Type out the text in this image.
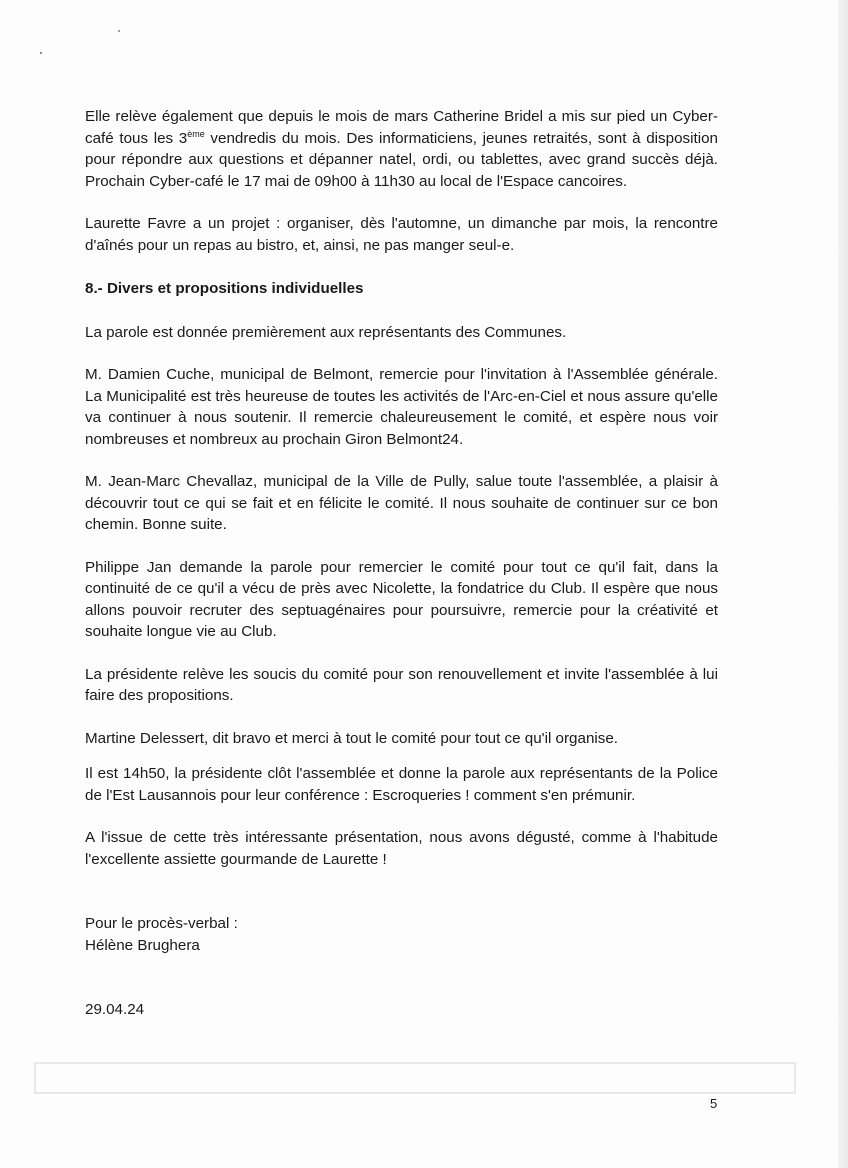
Elle relève également que depuis le mois de mars Catherine Bridel a mis sur pied un Cyber-café tous les 3ème vendredis du mois. Des informaticiens, jeunes retraités, sont à disposition pour répondre aux questions et dépanner natel, ordi, ou tablettes, avec grand succès déjà. Prochain Cyber-café le 17 mai de 09h00 à 11h30 au local de l'Espace cancoires.

Laurette Favre a un projet : organiser, dès l'automne, un dimanche par mois, la rencontre d'aînés pour un repas au bistro, et, ainsi, ne pas manger seul-e.

8.- Divers et propositions individuelles

La parole est donnée premièrement aux représentants des Communes.

M. Damien Cuche, municipal de Belmont, remercie pour l'invitation à l'Assemblée générale. La Municipalité est très heureuse de toutes les activités de l'Arc-en-Ciel et nous assure qu'elle va continuer à nous soutenir. Il remercie chaleureusement le comité, et espère nous voir nombreuses et nombreux au prochain Giron Belmont24.

M. Jean-Marc Chevallaz, municipal de la Ville de Pully, salue toute l'assemblée, a plaisir à découvrir tout ce qui se fait et en félicite le comité. Il nous souhaite de continuer sur ce bon chemin. Bonne suite.

Philippe Jan demande la parole pour remercier le comité pour tout ce qu'il fait, dans la continuité de ce qu'il a vécu de près avec Nicolette, la fondatrice du Club. Il espère que nous allons pouvoir recruter des septuagénaires pour poursuivre, remercie pour la créativité et souhaite longue vie au Club.

La présidente relève les soucis du comité pour son renouvellement et invite l'assemblée à lui faire des propositions.

Martine Delessert, dit bravo et merci à tout le comité pour tout ce qu'il organise.

Il est 14h50, la présidente clôt l'assemblée et donne la parole aux représentants de la Police de l'Est Lausannois pour leur conférence : Escroqueries ! comment s'en prémunir.

A l'issue de cette très intéressante présentation, nous avons dégusté, comme à l'habitude l'excellente assiette gourmande de Laurette !

Pour le procès-verbal :

Hélène Brughera

29.04.24

5
